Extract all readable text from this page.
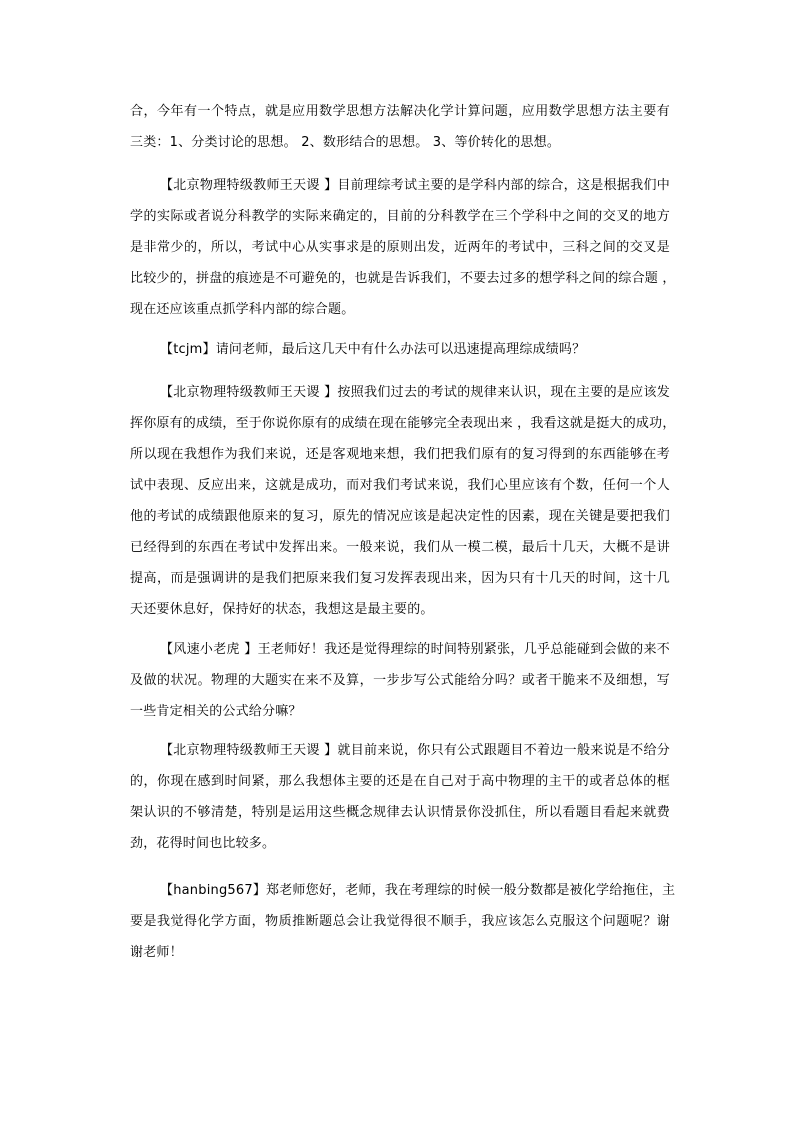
合，今年有一个特点，就是应用数学思想方法解决化学计算问题，应用数学思想方法主要有
三类：1、分类讨论的思想。 2、数形结合的思想。 3、等价转化的思想。
【北京物理特级教师王天谡 】目前理综考试主要的是学科内部的综合，这是根据我们中
学的实际或者说分科教学的实际来确定的，目前的分科教学在三个学科中之间的交叉的地方
是非常少的，所以，考试中心从实事求是的原则出发，近两年的考试中，三科之间的交叉是
比较少的，拼盘的痕迹是不可避免的，也就是告诉我们，不要去过多的想学科之间的综合题 ，
现在还应该重点抓学科内部的综合题。
【tcjm】请问老师，最后这几天中有什么办法可以迅速提高理综成绩吗？
【北京物理特级教师王天谡 】按照我们过去的考试的规律来认识，现在主要的是应该发
挥你原有的成绩，至于你说你原有的成绩在现在能够完全表现出来 ，我看这就是挺大的成功，
所以现在我想作为我们来说，还是客观地来想，我们把我们原有的复习得到的东西能够在考
试中表现、反应出来，这就是成功，而对我们考试来说，我们心里应该有个数，任何一个人
他的考试的成绩跟他原来的复习，原先的情况应该是起决定性的因素，现在关键是要把我们
已经得到的东西在考试中发挥出来。一般来说，我们从一模二模，最后十几天，大概不是讲
提高，而是强调讲的是我们把原来我们复习发挥表现出来，因为只有十几天的时间，这十几
天还要休息好，保持好的状态，我想这是最主要的。
【风速小老虎 】王老师好！我还是觉得理综的时间特别紧张，几乎总能碰到会做的来不
及做的状况。物理的大题实在来不及算，一步步写公式能给分吗？或者干脆来不及细想，写
一些肯定相关的公式给分嘛？
【北京物理特级教师王天谡 】就目前来说，你只有公式跟题目不着边一般来说是不给分
的，你现在感到时间紧，那么我想体主要的还是在自己对于高中物理的主干的或者总体的框
架认识的不够清楚，特别是运用这些概念规律去认识情景你没抓住，所以看题目看起来就费
劲，花得时间也比较多。
【hanbing567】郑老师您好，老师，我在考理综的时候一般分数都是被化学给拖住，主
要是我觉得化学方面，物质推断题总会让我觉得很不顺手，我应该怎么克服这个问题呢？谢
谢老师！
